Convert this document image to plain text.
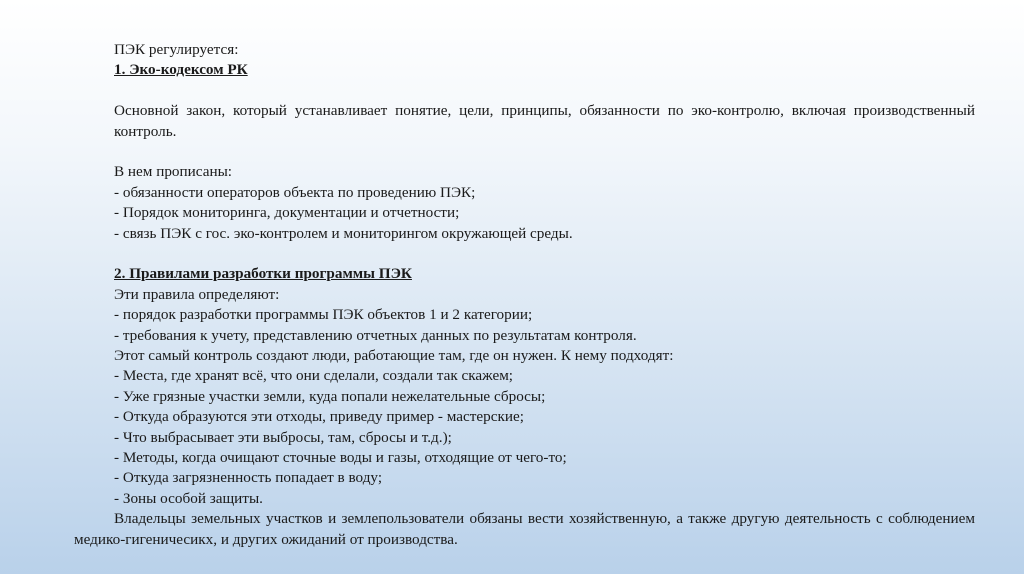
ПЭК регулируется:

1. Эко-кодексом РК

Основной закон, который устанавливает понятие, цели, принципы, обязанности по эко-контролю, включая производственный контроль.

В нем прописаны:

- обязанности операторов объекта по проведению ПЭК;

- Порядок мониторинга, документации и отчетности;

- связь ПЭК с гос. эко-контролем и мониторингом окружающей среды.

2. Правилами разработки программы ПЭК

Эти правила определяют:

- порядок разработки программы ПЭК объектов 1 и 2 категории;

- требования к учету, представлению отчетных данных по результатам контроля.

Этот самый контроль создают люди, работающие там, где он нужен. К нему подходят:

- Места, где хранят всё, что они сделали, создали так скажем;

- Уже грязные участки земли, куда попали нежелательные сбросы;

- Откуда образуются эти отходы, приведу пример - мастерские;

- Что выбрасывает эти выбросы, там, сбросы и т.д.);

- Методы, когда очищают сточные воды и газы, отходящие от чего-то;

- Откуда загрязненность попадает в воду;

- Зоны особой защиты.

Владельцы земельных участков и землепользователи обязаны вести хозяйственную, а также другую деятельность с соблюдением медико-гигеничесикх, и других ожиданий от производства.
